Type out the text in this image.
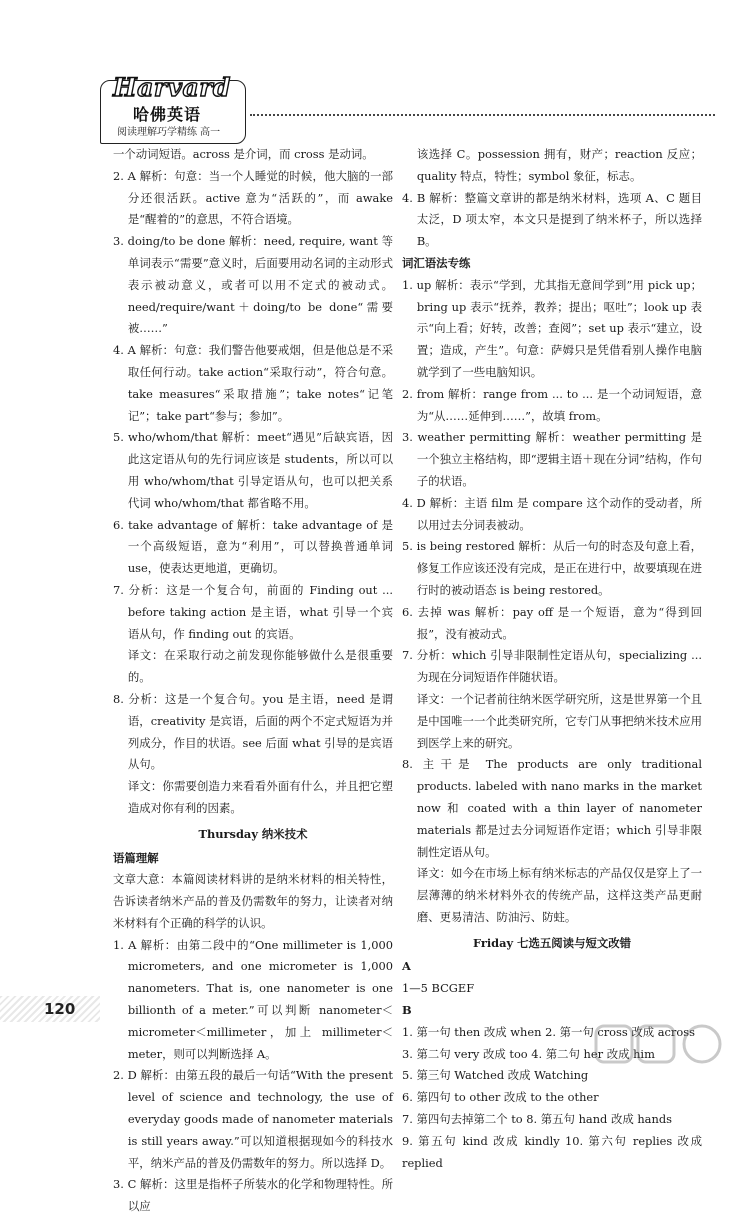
Harvard
哈佛英语
阅读理解巧学精练 高一
一个动词短语。across 是介词，而 cross 是动词。
2. A 解析：句意：当一个人睡觉的时候，他大脑的一部分还很活跃。active 意为“活跃的”，而 awake 是“醒着的”的意思，不符合语境。
3. doing/to be done 解析：need, require, want 等单词表示“需要”意义时，后面要用动名词的主动形式表示被动意义，或者可以用不定式的被动式。need/require/want＋doing/to be done“需要被……”
4. A 解析：句意：我们警告他要戒烟，但是他总是不采取任何行动。take action“采取行动”，符合句意。take measures“采取措施”；take notes“记笔记”；take part“参与；参加”。
5. who/whom/that 解析：meet“遇见”后缺宾语，因此这定语从句的先行词应该是 students，所以可以用 who/whom/that 引导定语从句，也可以把关系代词 who/whom/that 都省略不用。
6. take advantage of 解析：take advantage of 是一个高级短语，意为“利用”，可以替换普通单词 use，使表达更地道，更确切。
7. 分析：这是一个复合句，前面的 Finding out ... before taking action 是主语，what 引导一个宾语从句，作 finding out 的宾语。
译文：在采取行动之前发现你能够做什么是很重要的。
8. 分析：这是一个复合句。you 是主语，need 是谓语，creativity 是宾语，后面的两个不定式短语为并列成分，作目的状语。see 后面 what 引导的是宾语从句。
译文：你需要创造力来看看外面有什么，并且把它塑造成对你有利的因素。
Thursday 纳米技术
语篇理解
文章大意：本篇阅读材料讲的是纳米材料的相关特性，告诉读者纳米产品的普及仍需数年的努力，让读者对纳米材料有个正确的科学的认识。
1. A 解析：由第二段中的“One millimeter is 1,000 micrometers, and one micrometer is 1,000 nanometers. That is, one nanometer is one billionth of a meter.”可以判断 nanometer＜micrometer＜millimeter，加上 millimeter＜meter，则可以判断选择 A。
2. D 解析：由第五段的最后一句话“With the present level of science and technology, the use of everyday goods made of nanometer materials is still years away.”可以知道根据现如今的科技水平，纳米产品的普及仍需数年的努力。所以选择 D。
3. C 解析：这里是指杯子所装水的化学和物理特性。所以应
该选择 C。possession 拥有，财产；reaction 反应；quality 特点，特性；symbol 象征，标志。
4. B 解析：整篇文章讲的都是纳米材料，选项 A、C 题目太泛，D 项太窄，本文只是提到了纳米杯子，所以选择 B。
词汇语法专练
1. up 解析：表示“学到，尤其指无意间学到”用 pick up；bring up 表示“抚养，教养；提出；呕吐”；look up 表示“向上看；好转，改善；查阅”；set up 表示“建立，设置；造成，产生”。句意：萨姆只是凭借看别人操作电脑就学到了一些电脑知识。
2. from 解析：range from ... to ... 是一个动词短语，意为“从……延伸到……”，故填 from。
3. weather permitting 解析：weather permitting 是一个独立主格结构，即“逻辑主语＋现在分词”结构，作句子的状语。
4. D 解析：主语 film 是 compare 这个动作的受动者，所以用过去分词表被动。
5. is being restored 解析：从后一句的时态及句意上看，修复工作应该还没有完成，是正在进行中，故要填现在进行时的被动语态 is being restored。
6. 去掉 was 解析：pay off 是一个短语，意为“得到回报”，没有被动式。
7. 分析：which 引导非限制性定语从句，specializing ... 为现在分词短语作伴随状语。
译文：一个记者前往纳米医学研究所，这是世界第一个且是中国唯一一个此类研究所，它专门从事把纳米技术应用到医学上来的研究。
8. 主干是 The products are only traditional products. labeled with nano marks in the market now 和 coated with a thin layer of nanometer materials 都是过去分词短语作定语；which 引导非限制性定语从句。
译文：如今在市场上标有纳米标志的产品仅仅是穿上了一层薄薄的纳米材料外衣的传统产品，这样这类产品更耐磨、更易清洁、防油污、防蛀。
Friday 七选五阅读与短文改错
A
1—5 BCGEF
B
1. 第一句 then 改成 when 2. 第一句 cross 改成 across
3. 第二句 very 改成 too 4. 第二句 her 改成 him
5. 第三句 Watched 改成 Watching
6. 第四句 to other 改成 to the other
7. 第四句去掉第二个 to 8. 第五句 hand 改成 hands
9. 第五句 kind 改成 kindly 10. 第六句 replies 改成 replied
120
